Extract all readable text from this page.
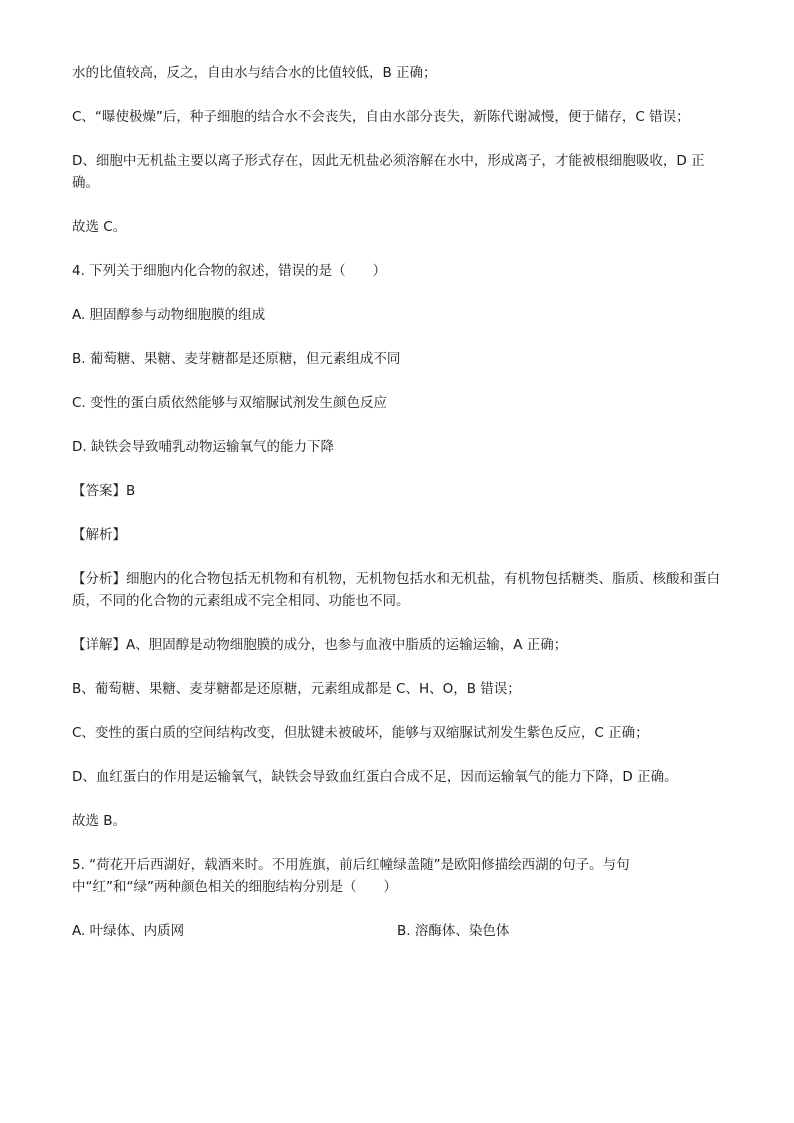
水的比值较高，反之，自由水与结合水的比值较低，B 正确；

C、“曝使极燥”后，种子细胞的结合水不会丧失，自由水部分丧失，新陈代谢减慢，便于储存，C 错误；

D、细胞中无机盐主要以离子形式存在，因此无机盐必须溶解在水中，形成离子，才能被根细胞吸收，D 正确。

故选 C。

4. 下列关于细胞内化合物的叙述，错误的是（　　）

A. 胆固醇参与动物细胞膜的组成

B. 葡萄糖、果糖、麦芽糖都是还原糖，但元素组成不同

C. 变性的蛋白质依然能够与双缩脲试剂发生颜色反应

D. 缺铁会导致哺乳动物运输氧气的能力下降

【答案】B

【解析】

【分析】细胞内的化合物包括无机物和有机物，无机物包括水和无机盐，有机物包括糖类、脂质、核酸和蛋白质，不同的化合物的元素组成不完全相同、功能也不同。

【详解】A、胆固醇是动物细胞膜的成分，也参与血液中脂质的运输运输，A 正确；

B、葡萄糖、果糖、麦芽糖都是还原糖，元素组成都是 C、H、O，B 错误；

C、变性的蛋白质的空间结构改变，但肽键未被破坏，能够与双缩脲试剂发生紫色反应，C 正确；

D、血红蛋白的作用是运输氧气，缺铁会导致血红蛋白合成不足，因而运输氧气的能力下降，D 正确。

故选 B。

5. “荷花开后西湖好，载酒来时。不用旌旗，前后红幢绿盖随”是欧阳修描绘西湖的句子。与句中“红”和“绿”两种颜色相关的细胞结构分别是（　　）

A. 叶绿体、内质网	B. 溶酶体、染色体
